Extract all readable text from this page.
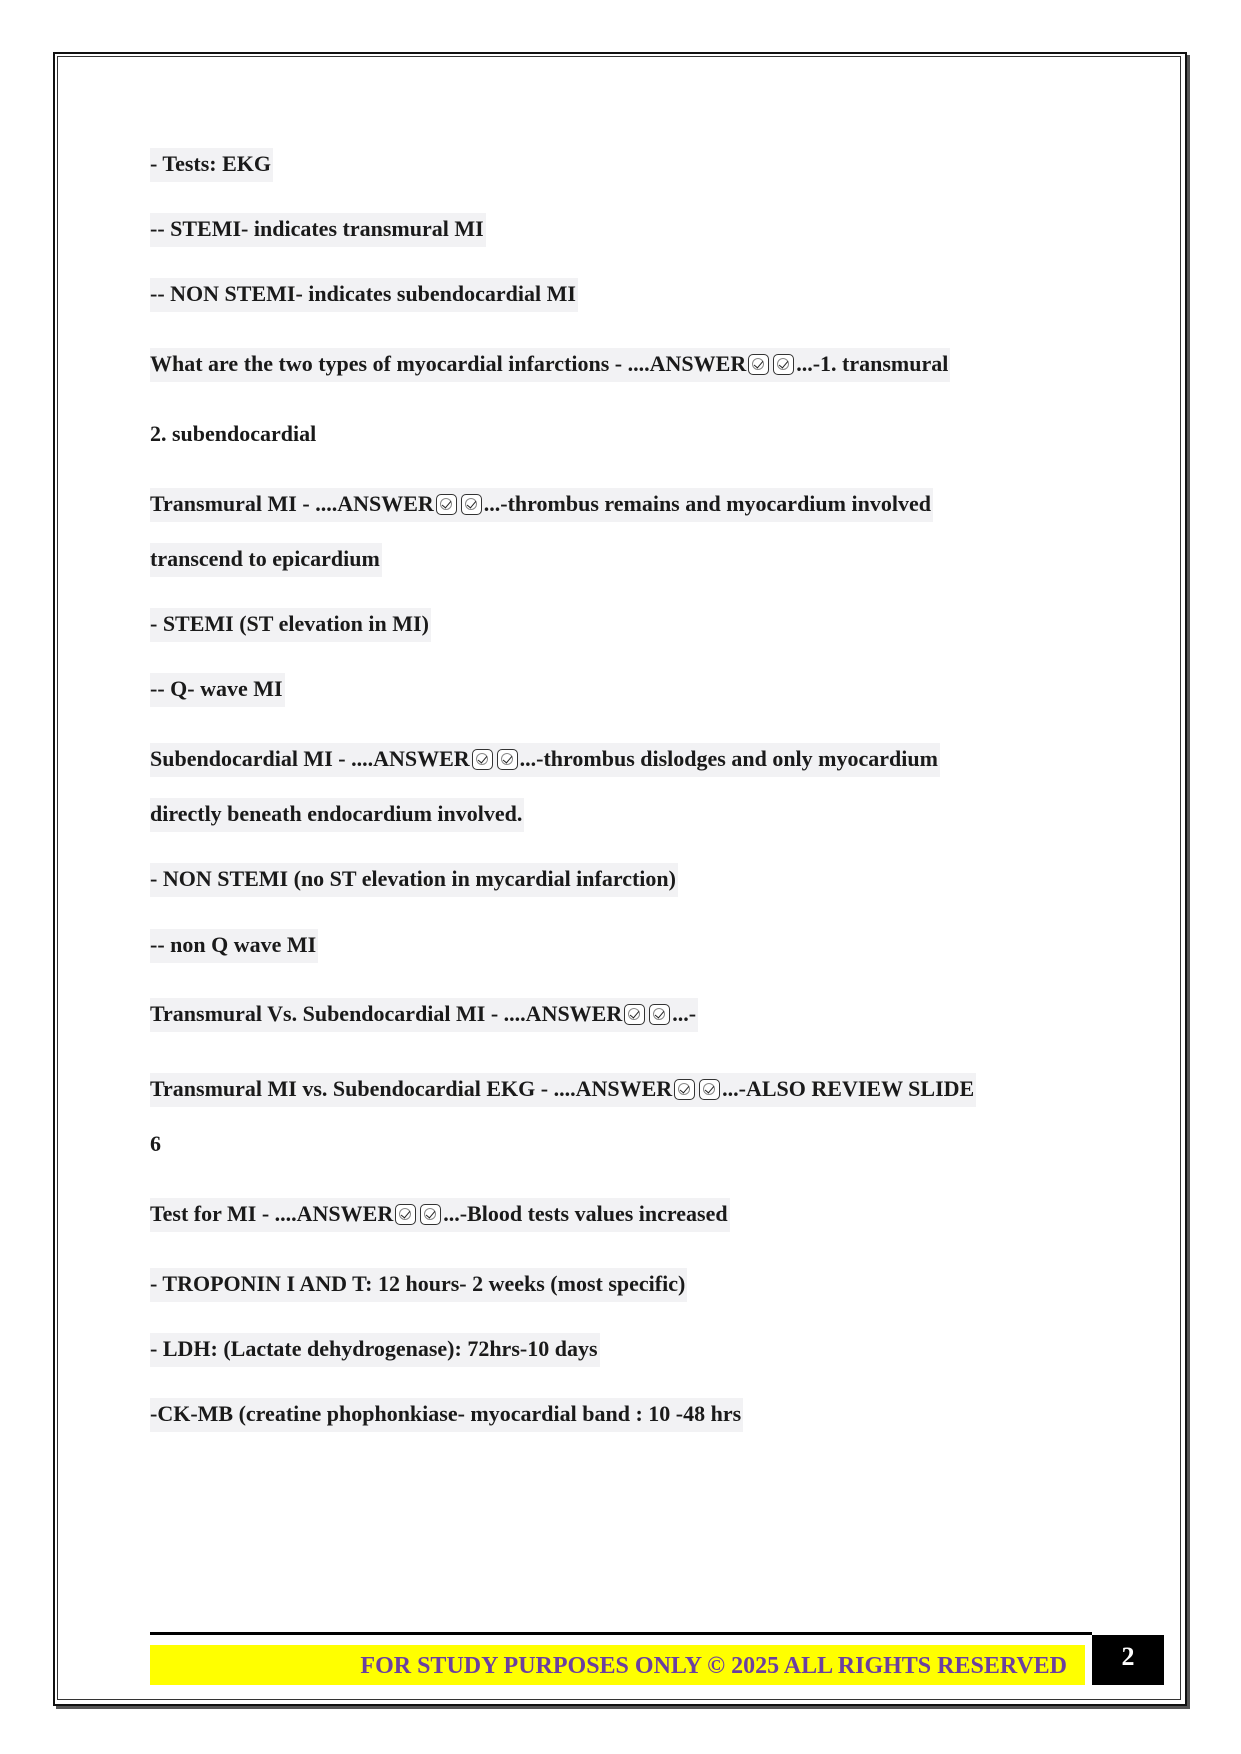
- Tests: EKG
-- STEMI- indicates transmural MI
-- NON STEMI- indicates subendocardial MI
What are the two types of myocardial infarctions - ....ANSWER ...-1. transmural
2. subendocardial
Transmural MI - ....ANSWER ...-thrombus remains and myocardium involved
transcend to epicardium
- STEMI (ST elevation in MI)
-- Q- wave MI
Subendocardial MI - ....ANSWER ...-thrombus dislodges and only myocardium
directly beneath endocardium involved.
- NON STEMI (no ST elevation in mycardial infarction)
-- non Q wave MI
Transmural Vs. Subendocardial MI - ....ANSWER ...-
Transmural MI vs. Subendocardial EKG - ....ANSWER ...-ALSO REVIEW SLIDE
6
Test for MI - ....ANSWER ...-Blood tests values increased
- TROPONIN I AND T: 12 hours- 2 weeks (most specific)
- LDH: (Lactate dehydrogenase): 72hrs-10 days
-CK-MB (creatine phophonkiase- myocardial band : 10 -48 hrs
FOR STUDY PURPOSES ONLY © 2025 ALL RIGHTS RESERVED	2
